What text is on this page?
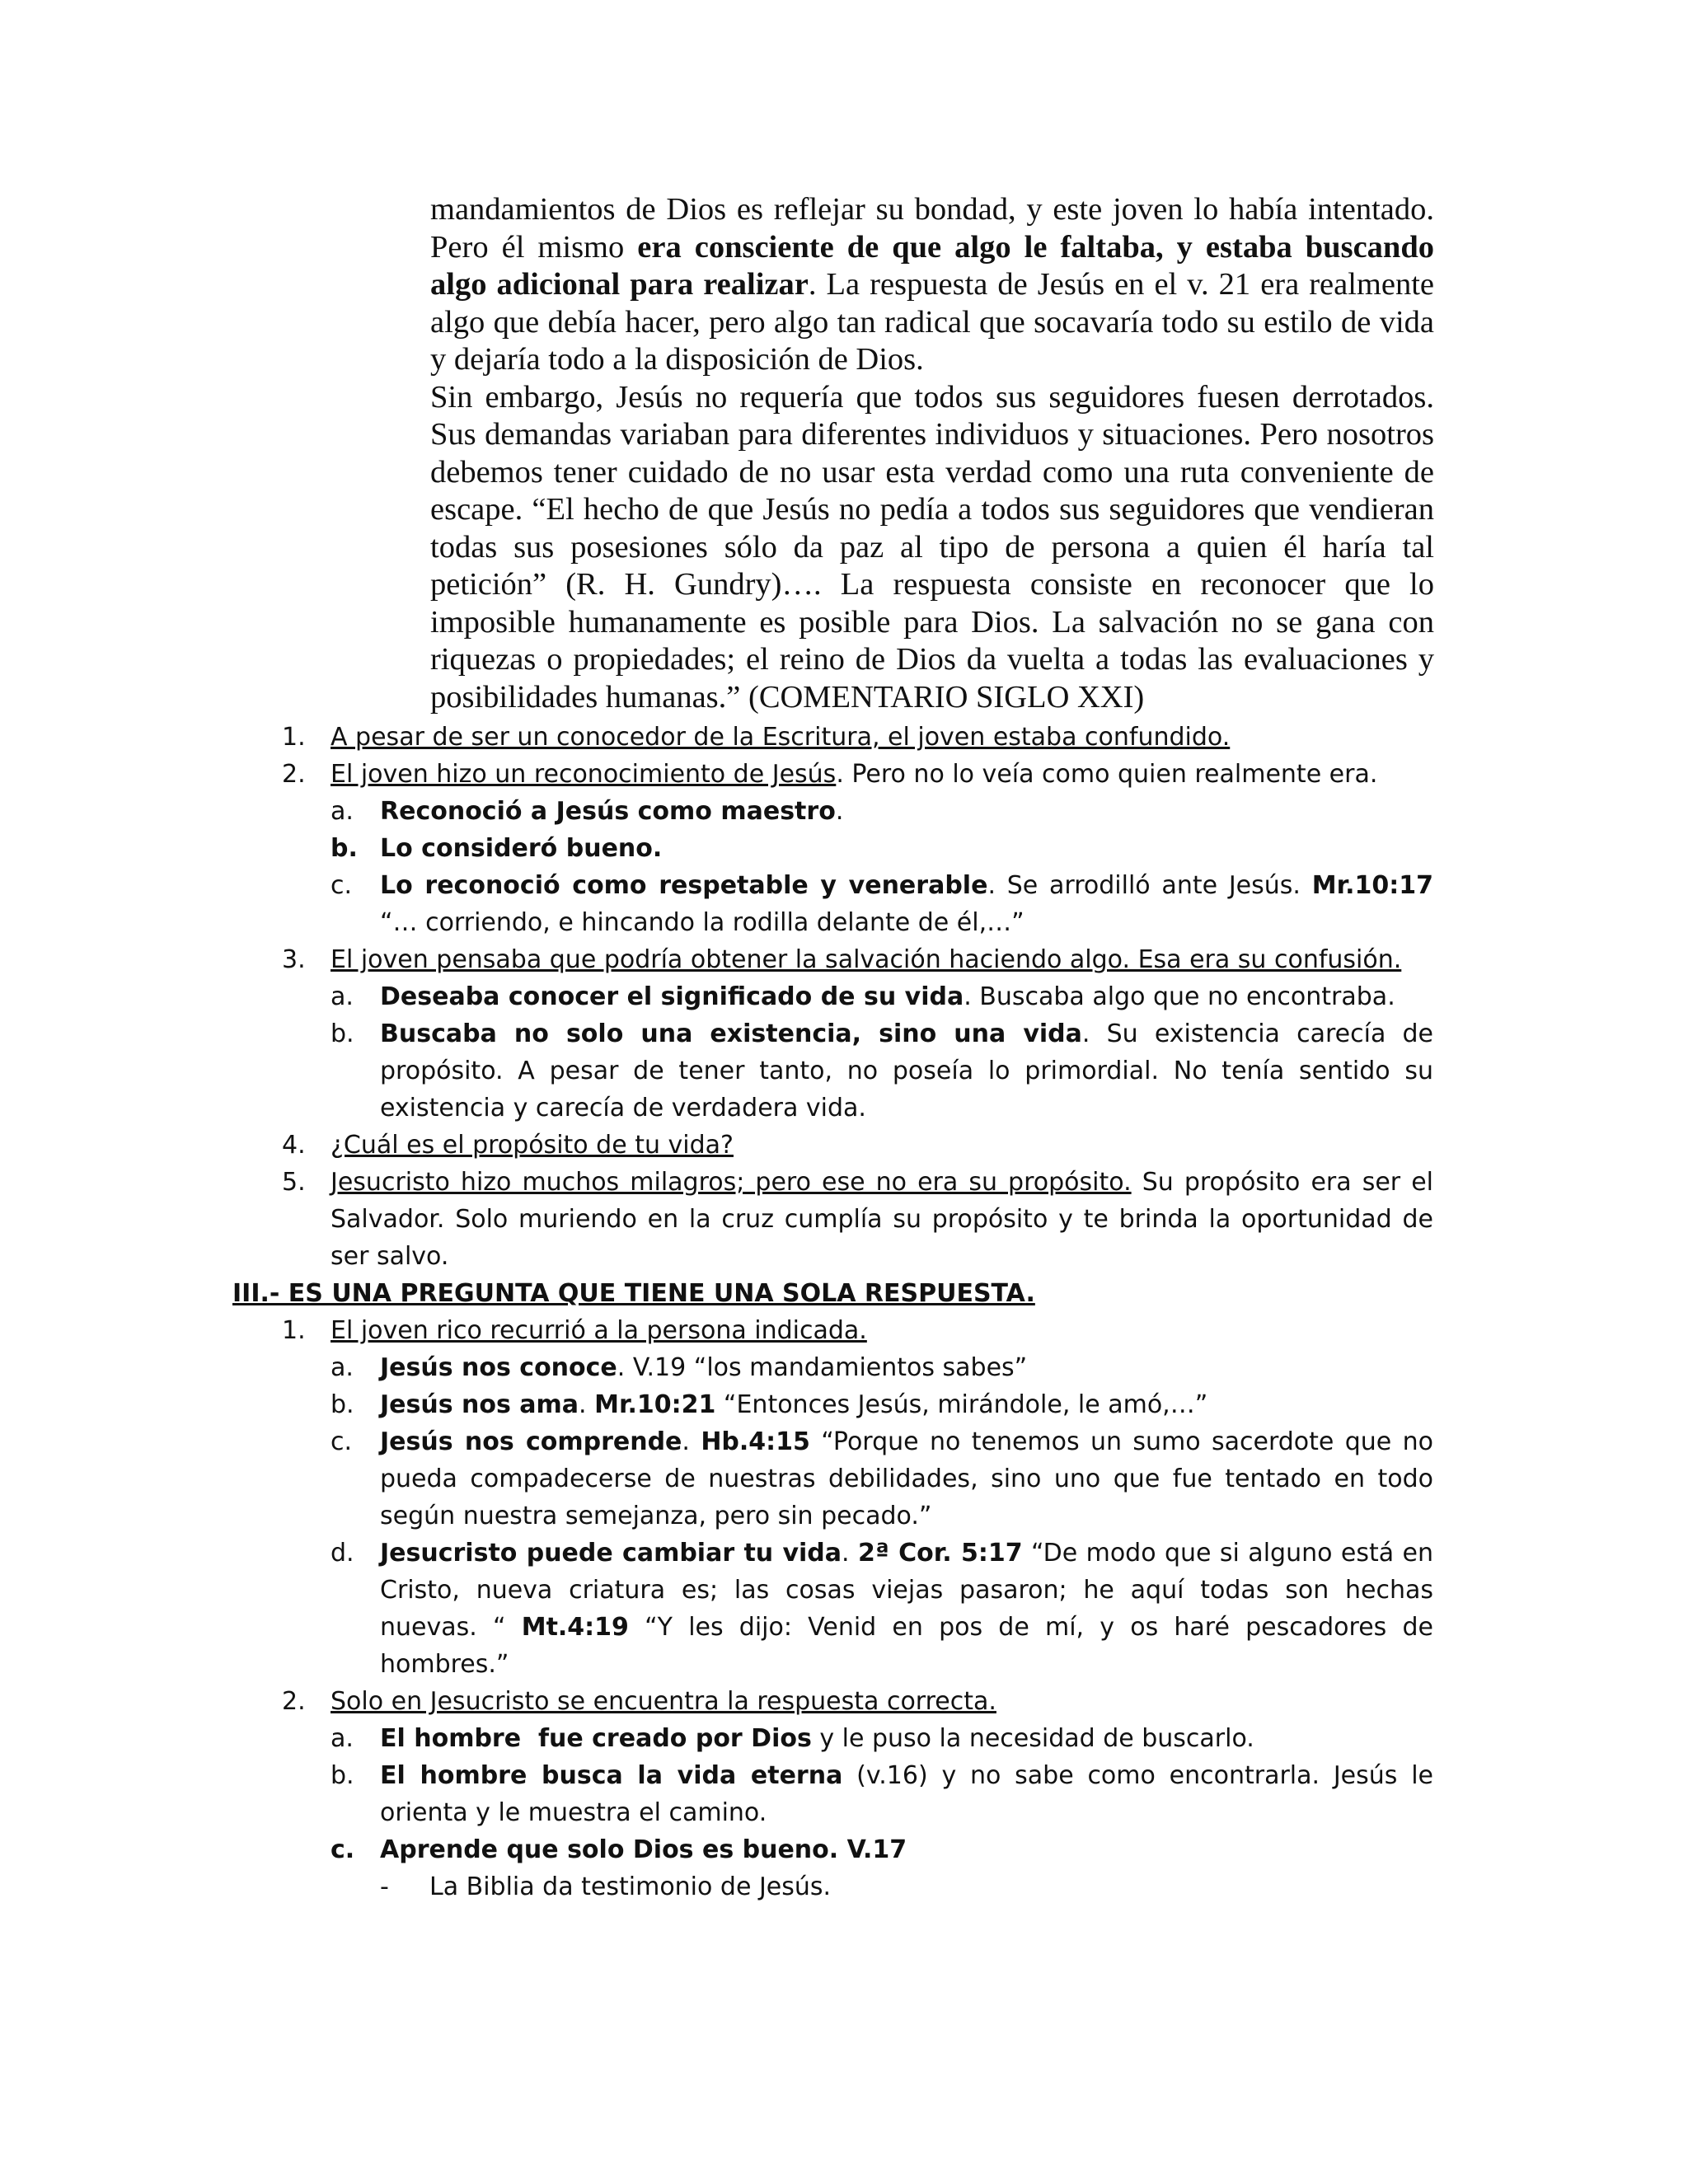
mandamientos de Dios es reflejar su bondad, y este joven lo había intentado. Pero él mismo era consciente de que algo le faltaba, y estaba buscando algo adicional para realizar. La respuesta de Jesús en el v. 21 era realmente algo que debía hacer, pero algo tan radical que socavaría todo su estilo de vida y dejaría todo a la disposición de Dios.

Sin embargo, Jesús no requería que todos sus seguidores fuesen derrotados. Sus demandas variaban para diferentes individuos y situaciones. Pero nosotros debemos tener cuidado de no usar esta verdad como una ruta conveniente de escape. “El hecho de que Jesús no pedía a todos sus seguidores que vendieran todas sus posesiones sólo da paz al tipo de persona a quien él haría tal petición” (R. H. Gundry)…. La respuesta consiste en reconocer que lo imposible humanamente es posible para Dios. La salvación no se gana con riquezas o propiedades; el reino de Dios da vuelta a todas las evaluaciones y posibilidades humanas.” (COMENTARIO SIGLO XXI)

1. A pesar de ser un conocedor de la Escritura, el joven estaba confundido.
2. El joven hizo un reconocimiento de Jesús. Pero no lo veía como quien realmente era.
a. Reconoció a Jesús como maestro.
b. Lo consideró bueno.
c. Lo reconoció como respetable y venerable. Se arrodilló ante Jesús. Mr.10:17 “… corriendo, e hincando la rodilla delante de él,…”
3. El joven pensaba que podría obtener la salvación haciendo algo. Esa era su confusión.
a. Deseaba conocer el significado de su vida. Buscaba algo que no encontraba.
b. Buscaba no solo una existencia, sino una vida. Su existencia carecía de propósito. A pesar de tener tanto, no poseía lo primordial. No tenía sentido su existencia y carecía de verdadera vida.
4. ¿Cuál es el propósito de tu vida?
5. Jesucristo hizo muchos milagros; pero ese no era su propósito. Su propósito era ser el Salvador. Solo muriendo en la cruz cumplía su propósito y te brinda la oportunidad de ser salvo.
III.- ES UNA PREGUNTA QUE TIENE UNA SOLA RESPUESTA.
1. El joven rico recurrió a la persona indicada.
a. Jesús nos conoce. V.19 “los mandamientos sabes”
b. Jesús nos ama. Mr.10:21 “Entonces Jesús, mirándole, le amó,…”
c. Jesús nos comprende. Hb.4:15 “Porque no tenemos un sumo sacerdote que no pueda compadecerse de nuestras debilidades, sino uno que fue tentado en todo según nuestra semejanza, pero sin pecado.”
d. Jesucristo puede cambiar tu vida. 2ª Cor. 5:17 “De modo que si alguno está en Cristo, nueva criatura es; las cosas viejas pasaron; he aquí todas son hechas nuevas. “ Mt.4:19 “Y les dijo: Venid en pos de mí, y os haré pescadores de hombres.”
2. Solo en Jesucristo se encuentra la respuesta correcta.
a. El hombre  fue creado por Dios y le puso la necesidad de buscarlo.
b. El hombre busca la vida eterna (v.16) y no sabe como encontrarla. Jesús le orienta y le muestra el camino.
c. Aprende que solo Dios es bueno. V.17
- La Biblia da testimonio de Jesús.
